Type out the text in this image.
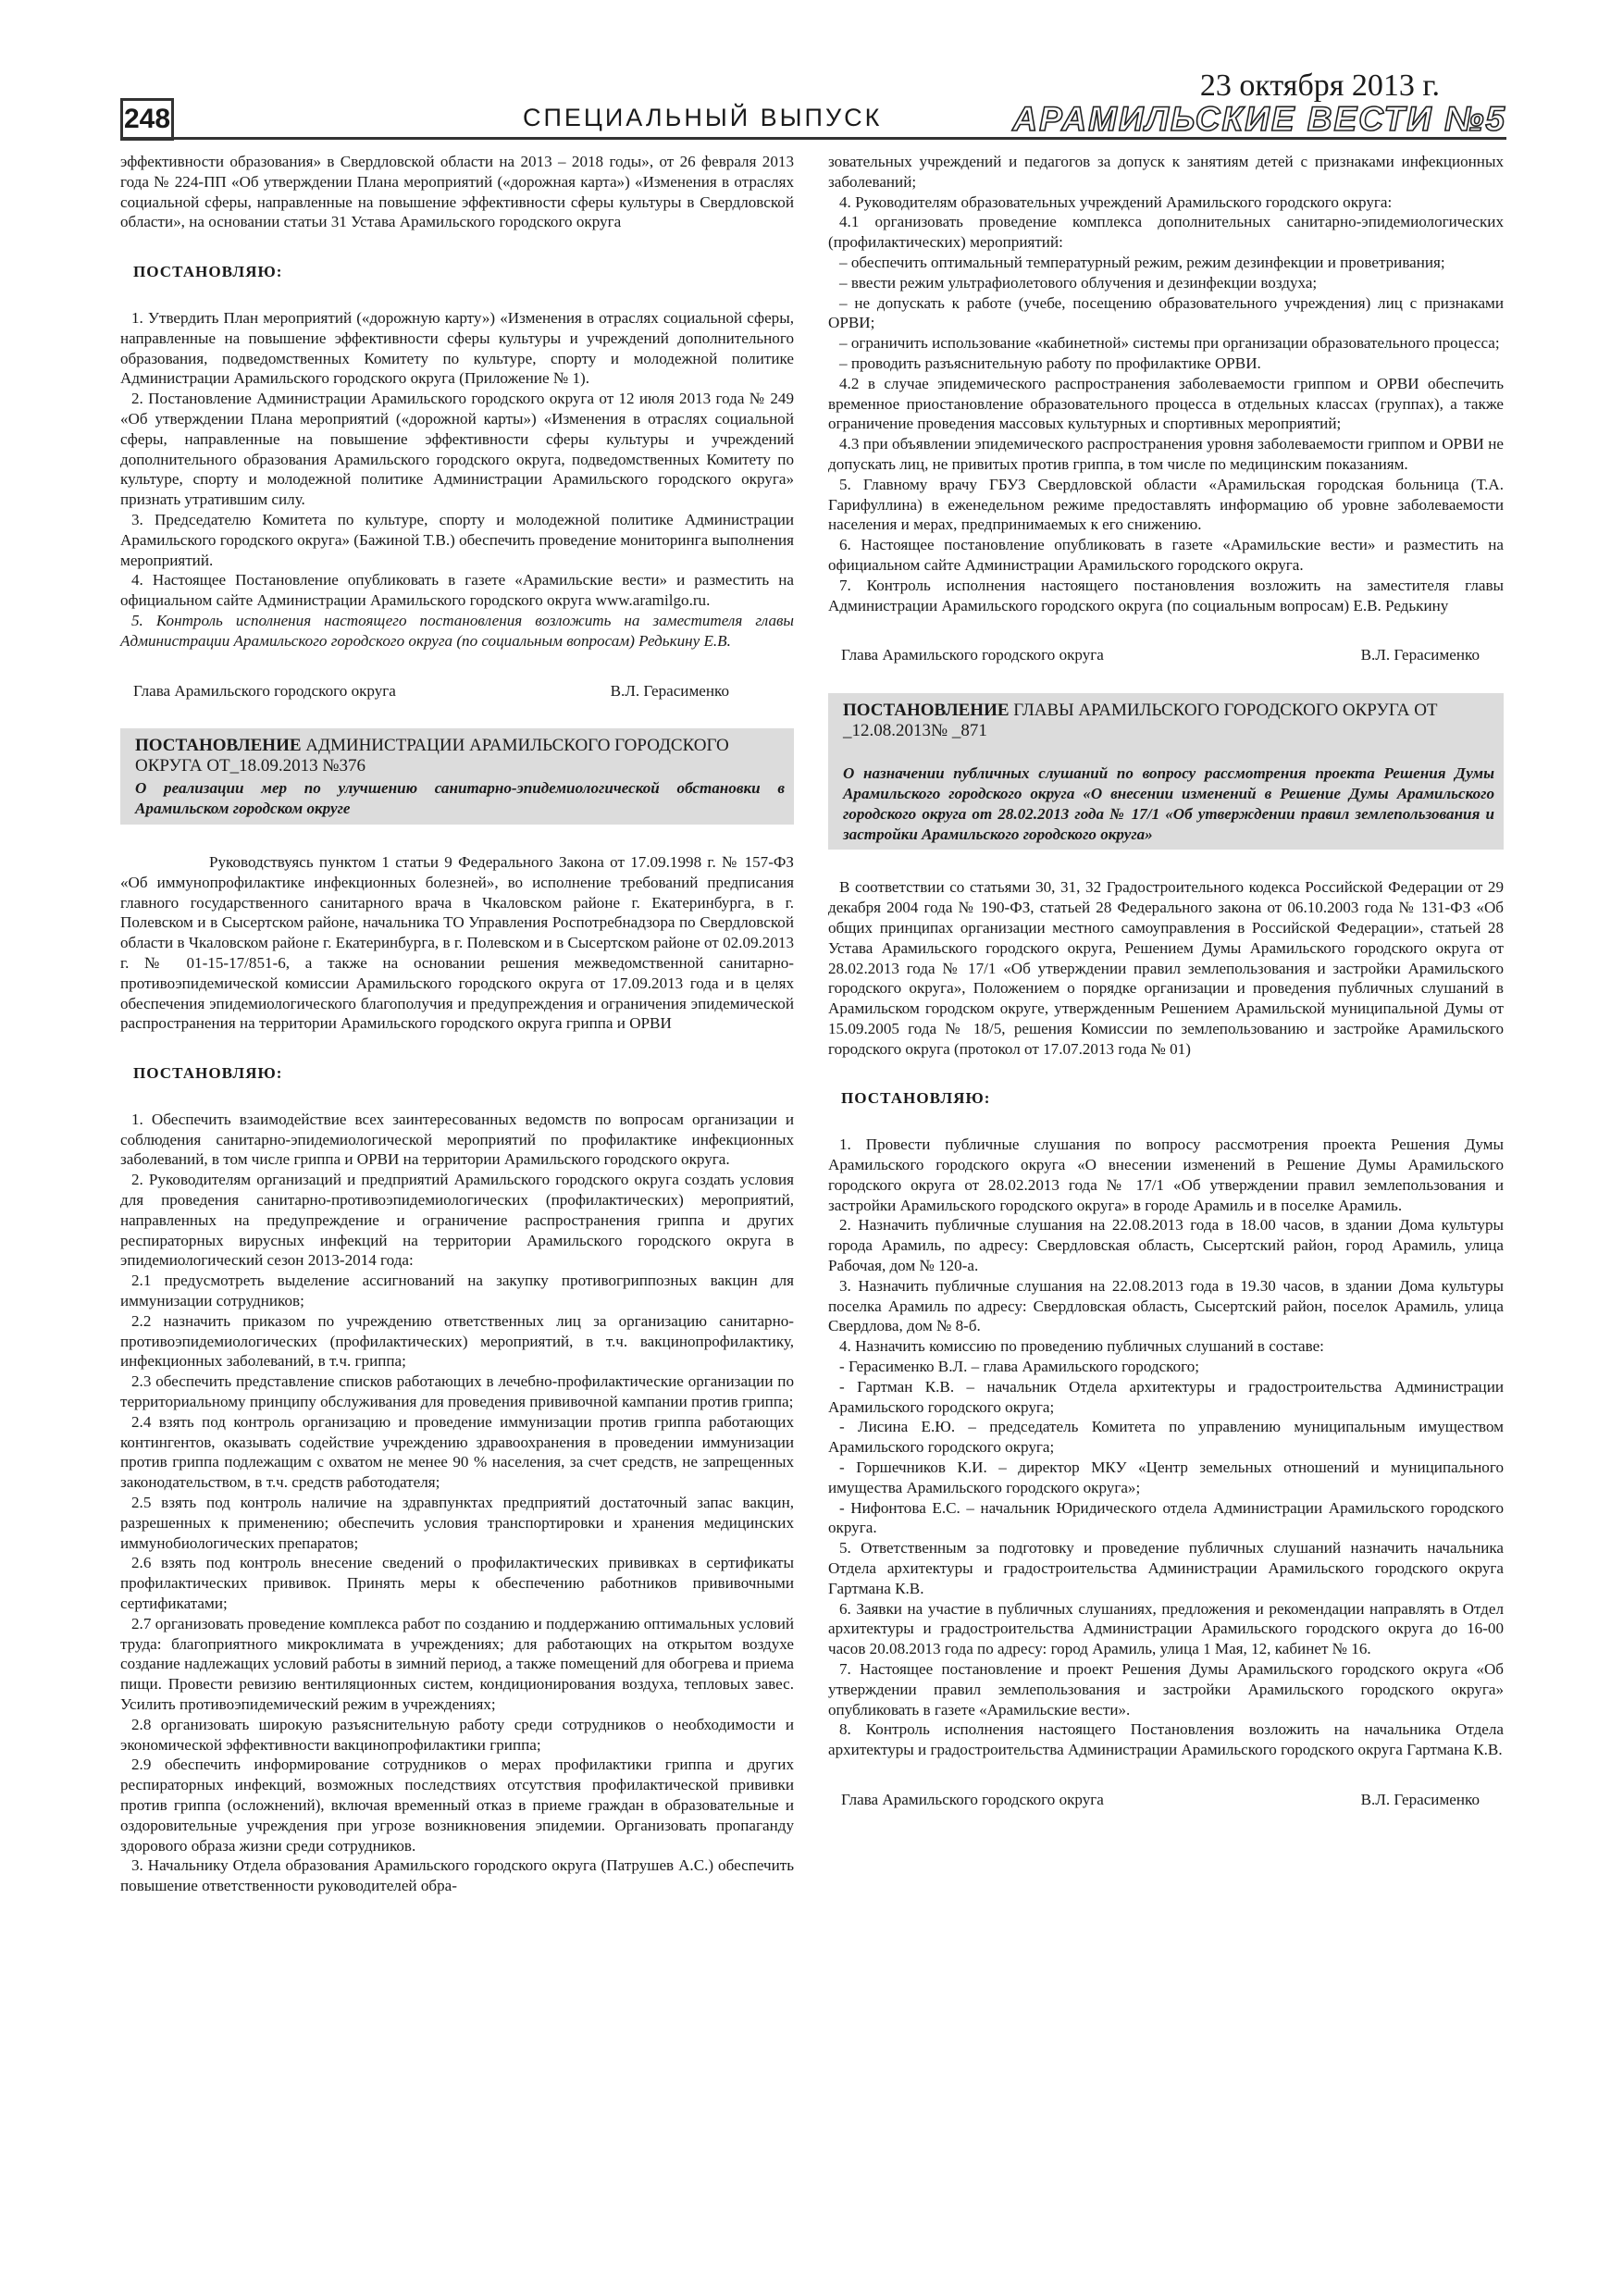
248	СПЕЦИАЛЬНЫЙ ВЫПУСК
23 октября 2013 г.
АРАМИЛЬСКИЕ ВЕСТИ №5

эффективности образования» в Свердловской области на 2013 – 2018 годы», от 26 февраля 2013 года № 224-ПП «Об утверждении Плана мероприятий («дорожная карта») «Изменения в отраслях социальной сферы, направленные на повышение эффективности сферы культуры в Свердловской области», на основании статьи 31 Устава Арамильского городского округа

ПОСТАНОВЛЯЮ:

1. Утвердить План мероприятий («дорожную карту») «Изменения в отраслях социальной сферы, направленные на повышение эффективности сферы культуры и учреждений дополнительного образования, подведомственных Комитету по культуре, спорту и молодежной политике Администрации Арамильского городского округа (Приложение № 1).

2. Постановление Администрации Арамильского городского округа от 12 июля 2013 года № 249 «Об утверждении Плана мероприятий («дорожной карты») «Изменения в отраслях социальной сферы, направленные на повышение эффективности сферы культуры и учреждений дополнительного образования Арамильского городского округа, подведомственных Комитету по культуре, спорту и молодежной политике Администрации Арамильского городского округа» признать утратившим силу.

3. Председателю Комитета по культуре, спорту и молодежной политике Администрации Арамильского городского округа» (Бажиной Т.В.) обеспечить проведение мониторинга выполнения мероприятий.

4. Настоящее Постановление опубликовать в газете «Арамильские вести» и разместить на официальном сайте Администрации Арамильского городского округа www.aramilgo.ru.

5. Контроль исполнения настоящего постановления возложить на заместителя главы Администрации Арамильского городского округа (по социальным вопросам) Редькину Е.В.

Глава Арамильского городского округа	В.Л. Герасименко
ПОСТАНОВЛЕНИЕ АДМИНИСТРАЦИИ АРАМИЛЬСКОГО ГОРОДСКОГО ОКРУГА ОТ_18.09.2013 №376
О реализации мер по улучшению санитарно-эпидемиологической обстановки в Арамильском городском округе

Руководствуясь пунктом 1 статьи 9 Федерального Закона от 17.09.1998 г. № 157-ФЗ «Об иммунопрофилактике инфекционных болезней», во исполнение требований предписания главного государственного санитарного врача в Чкаловском районе г. Екатеринбурга, в г. Полевском и в Сысертском районе, начальника ТО Управления Роспотребнадзора по Свердловской области в Чкаловском районе г. Екатеринбурга, в г. Полевском и в Сысертском районе от 02.09.2013 г. № 01-15-17/851-6, а также на основании решения межведомственной санитарно-противоэпидемической комиссии Арамильского городского округа от 17.09.2013 года и в целях обеспечения эпидемиологического благополучия и предупреждения и ограничения эпидемической распространения на территории Арамильского городского округа гриппа и ОРВИ

ПОСТАНОВЛЯЮ:

1. Обеспечить взаимодействие всех заинтересованных ведомств по вопросам организации и соблюдения санитарно-эпидемиологической мероприятий по профилактике инфекционных заболеваний, в том числе гриппа и ОРВИ на территории Арамильского городского округа.

2. Руководителям организаций и предприятий Арамильского городского округа создать условия для проведения санитарно-противоэпидемиологических (профилактических) мероприятий, направленных на предупреждение и ограничение распространения гриппа и других респираторных вирусных инфекций на территории Арамильского городского округа в эпидемиологический сезон 2013-2014 года:

2.1 предусмотреть выделение ассигнований на закупку противогриппозных вакцин для иммунизации сотрудников;

2.2 назначить приказом по учреждению ответственных лиц за организацию санитарно-противоэпидемиологических (профилактических) мероприятий, в т.ч. вакцинопрофилактику, инфекционных заболеваний, в т.ч. гриппа;

2.3 обеспечить представление списков работающих в лечебно-профилактические организации по территориальному принципу обслуживания для проведения прививочной кампании против гриппа;

2.4 взять под контроль организацию и проведение иммунизации против гриппа работающих контингентов, оказывать содействие учреждению здравоохранения в проведении иммунизации против гриппа подлежащим с охватом не менее 90 % населения, за счет средств, не запрещенных законодательством, в т.ч. средств работодателя;

2.5 взять под контроль наличие на здравпунктах предприятий достаточный запас вакцин, разрешенных к применению; обеспечить условия транспортировки и хранения медицинских иммунобиологических препаратов;

2.6 взять под контроль внесение сведений о профилактических прививках в сертификаты профилактических прививок. Принять меры к обеспечению работников прививочными сертификатами;

2.7 организовать проведение комплекса работ по созданию и поддержанию оптимальных условий труда: благоприятного микроклимата в учреждениях; для работающих на открытом воздухе создание надлежащих условий работы в зимний период, а также помещений для обогрева и приема пищи. Провести ревизию вентиляционных систем, кондиционирования воздуха, тепловых завес. Усилить противоэпидемический режим в учреждениях;

2.8 организовать широкую разъяснительную работу среди сотрудников о необходимости и экономической эффективности вакцинопрофилактики гриппа;

2.9 обеспечить информирование сотрудников о мерах профилактики гриппа и других респираторных инфекций, возможных последствиях отсутствия профилактической прививки против гриппа (осложнений), включая временный отказ в приеме граждан в образовательные и оздоровительные учреждения при угрозе возникновения эпидемии. Организовать пропаганду здорового образа жизни среди сотрудников.

3. Начальнику Отдела образования Арамильского городского округа (Патрушев А.С.) обеспечить повышение ответственности руководителей обра-

зовательных учреждений и педагогов за допуск к занятиям детей с признаками инфекционных заболеваний;

4. Руководителям образовательных учреждений Арамильского городского округа:

4.1 организовать проведение комплекса дополнительных санитарно-эпидемиологических (профилактических) мероприятий:

– обеспечить оптимальный температурный режим, режим дезинфекции и проветривания;

– ввести режим ультрафиолетового облучения и дезинфекции воздуха;

– не допускать к работе (учебе, посещению образовательного учреждения) лиц с признаками ОРВИ;

– ограничить использование «кабинетной» системы при организации образовательного процесса;

– проводить разъяснительную работу по профилактике ОРВИ.

4.2 в случае эпидемического распространения заболеваемости гриппом и ОРВИ обеспечить временное приостановление образовательного процесса в отдельных классах (группах), а также ограничение проведения массовых культурных и спортивных мероприятий;

4.3 при объявлении эпидемического распространения уровня заболеваемости гриппом и ОРВИ не допускать лиц, не привитых против гриппа, в том числе по медицинским показаниям.

5. Главному врачу ГБУЗ Свердловской области «Арамильская городская больница (Т.А. Гарифуллина) в еженедельном режиме предоставлять информацию об уровне заболеваемости населения и мерах, предпринимаемых к его снижению.

6. Настоящее постановление опубликовать в газете «Арамильские вести» и разместить на официальном сайте Администрации Арамильского городского округа.

7. Контроль исполнения настоящего постановления возложить на заместителя главы Администрации Арамильского городского округа (по социальным вопросам) Е.В. Редькину

Глава Арамильского городского округа	В.Л. Герасименко
ПОСТАНОВЛЕНИЕ ГЛАВЫ АРАМИЛЬСКОГО ГОРОДСКОГО ОКРУГА ОТ _12.08.2013№ _871
О назначении публичных слушаний по вопросу рассмотрения проекта Решения Думы Арамильского городского округа «О внесении изменений в Решение Думы Арамильского городского округа от 28.02.2013 года № 17/1 «Об утверждении правил землепользования и застройки Арамильского городского округа»

В соответствии со статьями 30, 31, 32 Градостроительного кодекса Российской Федерации от 29 декабря 2004 года № 190-ФЗ, статьей 28 Федерального закона от 06.10.2003 года № 131-ФЗ «Об общих принципах организации местного самоуправления в Российской Федерации», статьей 28 Устава Арамильского городского округа, Решением Думы Арамильского городского округа от 28.02.2013 года № 17/1 «Об утверждении правил землепользования и застройки Арамильского городского округа», Положением о порядке организации и проведения публичных слушаний в Арамильском городском округе, утвержденным Решением Арамильской муниципальной Думы от 15.09.2005 года № 18/5, решения Комиссии по землепользованию и застройке Арамильского городского округа (протокол от 17.07.2013 года № 01)

ПОСТАНОВЛЯЮ:

1. Провести публичные слушания по вопросу рассмотрения проекта Решения Думы Арамильского городского округа «О внесении изменений в Решение Думы Арамильского городского округа от 28.02.2013 года № 17/1 «Об утверждении правил землепользования и застройки Арамильского городского округа» в городе Арамиль и в поселке Арамиль.

2. Назначить публичные слушания на 22.08.2013 года в 18.00 часов, в здании Дома культуры города Арамиль, по адресу: Свердловская область, Сысертский район, город Арамиль, улица Рабочая, дом № 120-а.

3. Назначить публичные слушания на 22.08.2013 года в 19.30 часов, в здании Дома культуры поселка Арамиль по адресу: Свердловская область, Сысертский район, поселок Арамиль, улица Свердлова, дом № 8-б.

4. Назначить комиссию по проведению публичных слушаний в составе:

- Герасименко В.Л. – глава Арамильского городского;

- Гартман К.В. – начальник Отдела архитектуры и градостроительства Администрации Арамильского городского округа;

- Лисина Е.Ю. – председатель Комитета по управлению муниципальным имуществом Арамильского городского округа;

- Горшечников К.И. – директор МКУ «Центр земельных отношений и муниципального имущества Арамильского городского округа»;

- Нифонтова Е.С. – начальник Юридического отдела Администрации Арамильского городского округа.

5. Ответственным за подготовку и проведение публичных слушаний назначить начальника Отдела архитектуры и градостроительства Администрации Арамильского городского округа Гартмана К.В.

6. Заявки на участие в публичных слушаниях, предложения и рекомендации направлять в Отдел архитектуры и градостроительства Администрации Арамильского городского округа до 16-00 часов 20.08.2013 года по адресу: город Арамиль, улица 1 Мая, 12, кабинет № 16.

7. Настоящее постановление и проект Решения Думы Арамильского городского округа «Об утверждении правил землепользования и застройки Арамильского городского округа» опубликовать в газете «Арамильские вести».

8. Контроль исполнения настоящего Постановления возложить на начальника Отдела архитектуры и градостроительства Администрации Арамильского городского округа Гартмана К.В.

Глава Арамильского городского округа	В.Л. Герасименко
